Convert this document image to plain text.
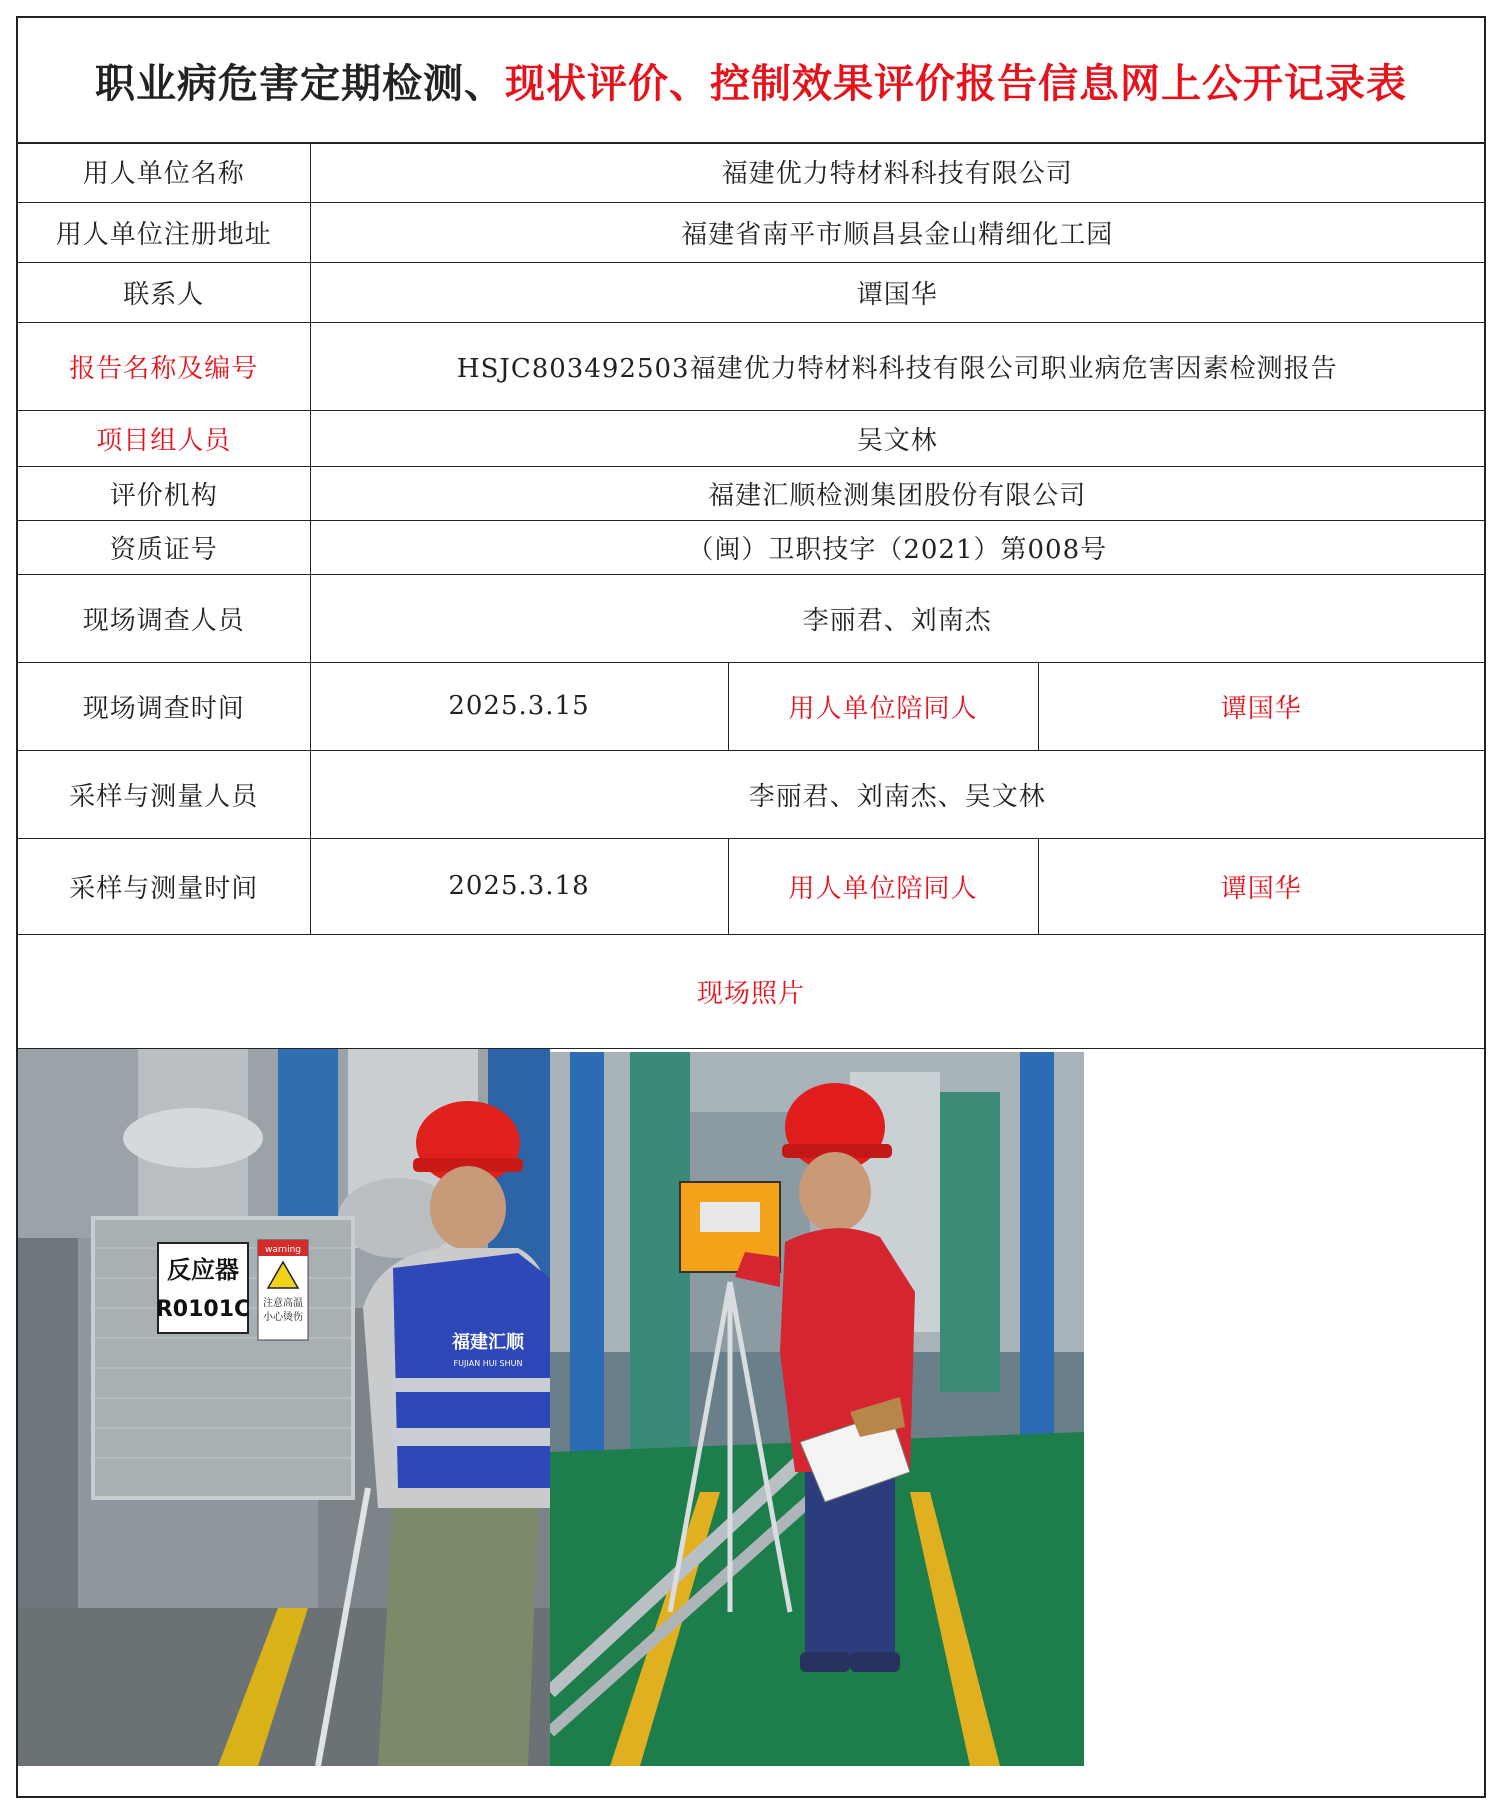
职业病危害定期检测、 现状评价、控制效果评价报告信息网上公开记录表
用人单位名称	福建优力特材料科技有限公司		
用人单位注册地址	福建省南平市顺昌县金山精细化工园		
联系人	谭国华		
报告名称及编号	HSJC803492503福建优力特材料科技有限公司职业病危害因素检测报告		
项目组人员	吴文林		
评价机构	福建汇顺检测集团股份有限公司		
资质证号	（闽）卫职技字（2021）第008号		
现场调查人员	李丽君、刘南杰		
现场调查时间	2025.3.15	用人单位陪同人	谭国华
采样与测量人员	李丽君、刘南杰、吴文林		
采样与测量时间	2025.3.18	用人单位陪同人	谭国华
现场照片			
反应器
R0101C
warning
注意高温
小心烫伤
福建汇顺
FUJIAN HUI SHUN
